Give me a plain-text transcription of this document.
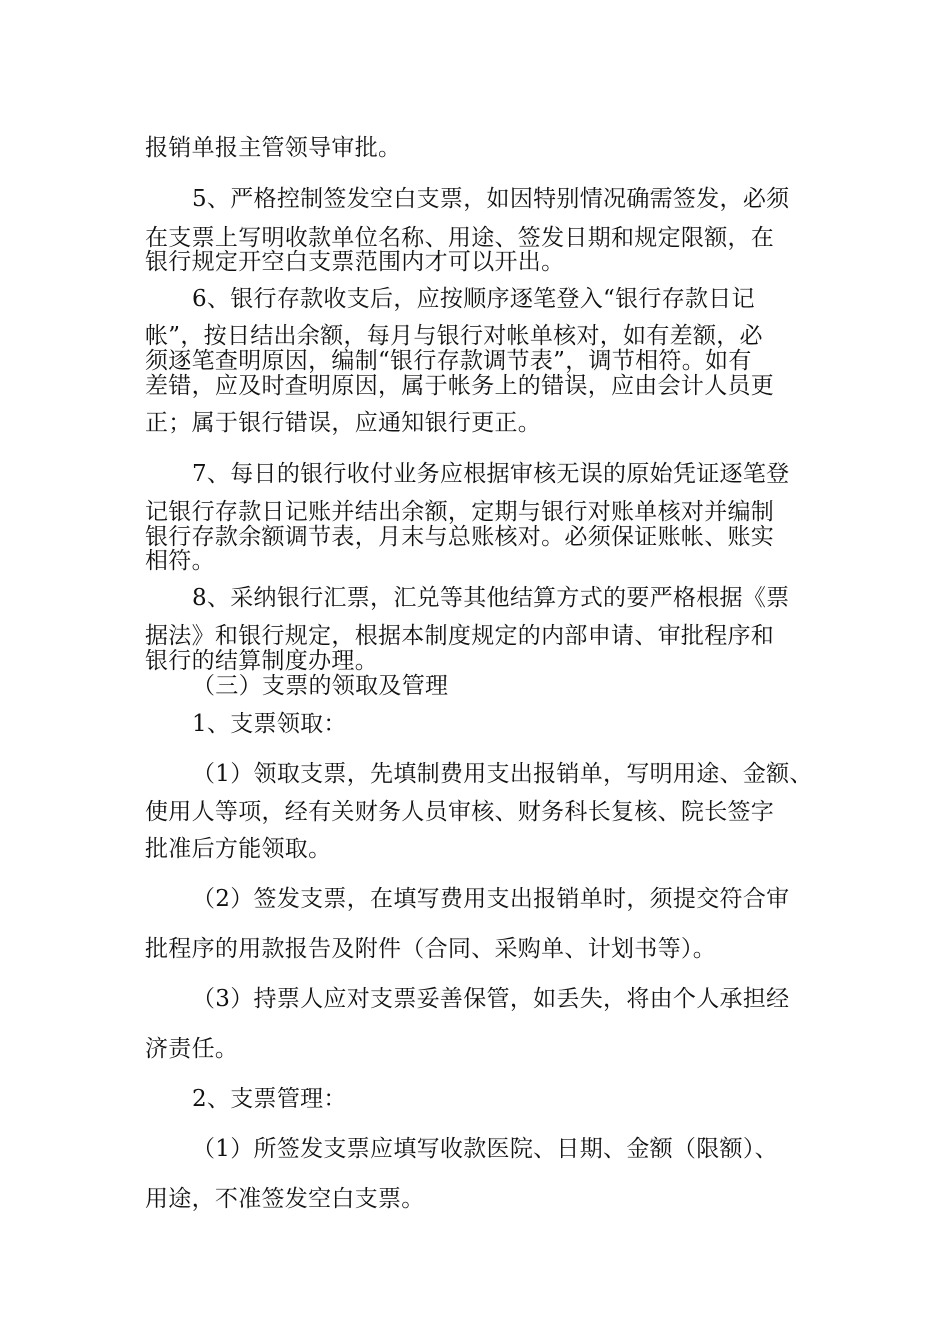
报销单报主管领导审批。
5、严格控制签发空白支票，如因特别情况确需签发，必须
在支票上写明收款单位名称、用途、签发日期和规定限额，在
银行规定开空白支票范围内才可以开出。
6、银行存款收支后，应按顺序逐笔登入“银行存款日记
帐”，按日结出余额，每月与银行对帐单核对，如有差额，必
须逐笔查明原因，编制“银行存款调节表”，调节相符。如有
差错，应及时查明原因，属于帐务上的错误，应由会计人员更
正；属于银行错误，应通知银行更正。
7、每日的银行收付业务应根据审核无误的原始凭证逐笔登
记银行存款日记账并结出余额，定期与银行对账单核对并编制
银行存款余额调节表，月末与总账核对。必须保证账帐、账实
相符。
8、采纳银行汇票，汇兑等其他结算方式的要严格根据《票
据法》和银行规定，根据本制度规定的内部申请、审批程序和
银行的结算制度办理。
（三）支票的领取及管理
1、支票领取：
（1）领取支票，先填制费用支出报销单，写明用途、金额、
使用人等项，经有关财务人员审核、财务科长复核、院长签字
批准后方能领取。
（2）签发支票，在填写费用支出报销单时，须提交符合审
批程序的用款报告及附件（合同、采购单、计划书等）。
（3）持票人应对支票妥善保管，如丢失，将由个人承担经
济责任。
2、支票管理：
（1）所签发支票应填写收款医院、日期、金额（限额）、
用途，不准签发空白支票。
